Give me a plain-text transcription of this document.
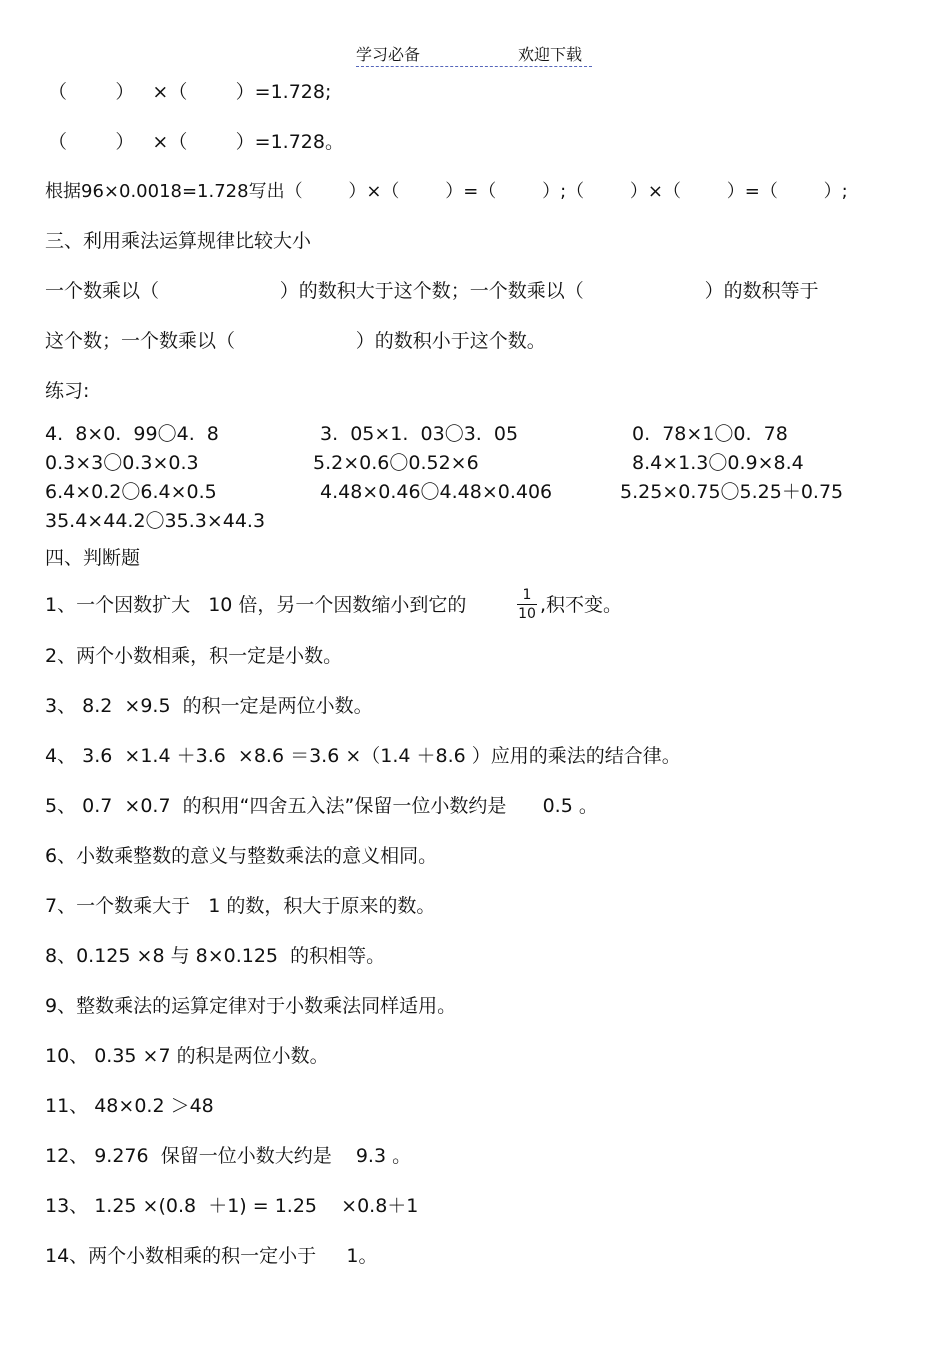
学习必备	欢迎下载
（        ）   ×（        ）=1.728;
（        ）   ×（        ）=1.728。
根据96×0.0018=1.728写出（        ）×（        ）=（        ）;（        ）×（        ）=（        ）;
三、利用乘法运算规律比较大小
一个数乘以（                    ）的数积大于这个数；一个数乘以（                    ）的数积等于
这个数；一个数乘以（                    ）的数积小于这个数。
练习:
4.  8×0.  99〇4.  8	3.  05×1.  03〇3.  05	0.  78×1〇0.  78
0.3×3〇0.3×0.3	5.2×0.6〇0.52×6	8.4×1.3〇0.9×8.4
6.4×0.2〇6.4×0.5	4.48×0.46〇4.48×0.406	5.25×0.75〇5.25＋0.75
35.4×44.2〇35.3×44.3
四、判断题
1、一个因数扩大   10 倍，另一个因数缩小到它的	1
10 ,积不变。
2、两个小数相乘，积一定是小数。
3、 8.2  ×9.5  的积一定是两位小数。
4、 3.6  ×1.4 ＋3.6  ×8.6 ＝3.6 ×（1.4 ＋8.6 ）应用的乘法的结合律。
5、 0.7  ×0.7  的积用“四舍五入法”保留一位小数约是      0.5 。
6、小数乘整数的意义与整数乘法的意义相同。
7、一个数乘大于   1 的数，积大于原来的数。
8、0.125 ×8 与 8×0.125  的积相等。
9、整数乘法的运算定律对于小数乘法同样适用。
10、 0.35 ×7 的积是两位小数。
11、 48×0.2 ＞48
12、 9.276  保留一位小数大约是    9.3 。
13、 1.25 ×(0.8  ＋1) = 1.25    ×0.8＋1
14、两个小数相乘的积一定小于     1。
